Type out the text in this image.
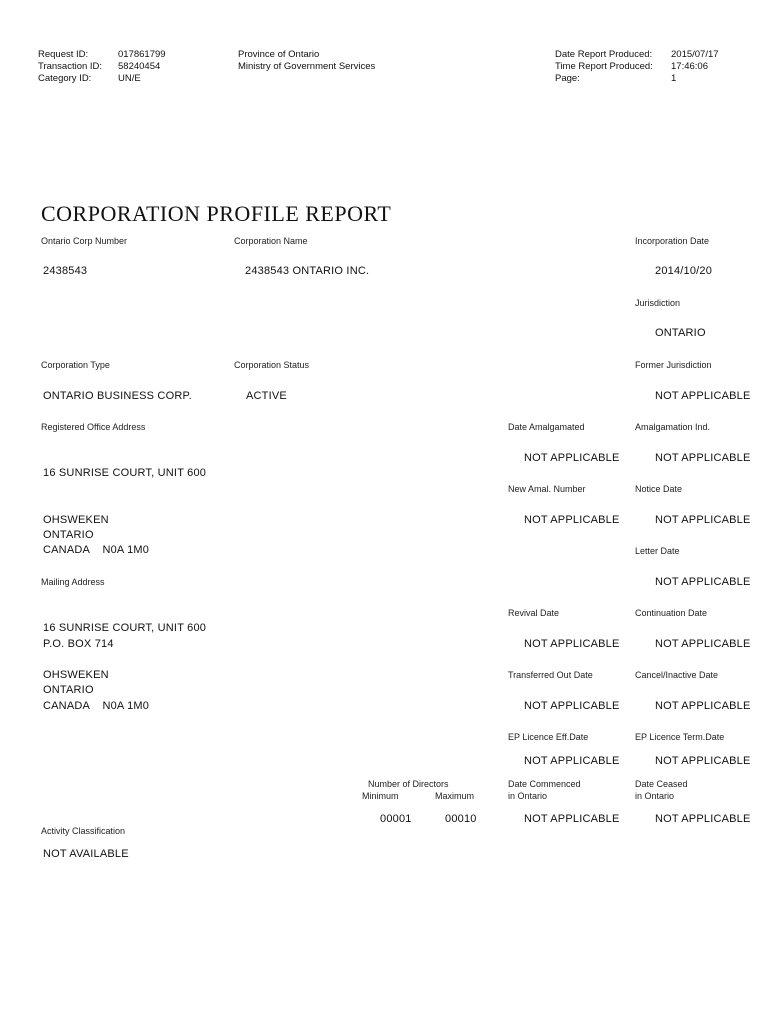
Request ID:	017861799
Transaction ID: 58240454
Category ID:	UN/E
Province of Ontario
Ministry of Government Services
Date Report Produced: 2015/07/17
Time Report Produced: 17:46:06
Page:	1
CORPORATION PROFILE REPORT
Ontario Corp Number
2438543
Corporation Name
2438543 ONTARIO INC.
Incorporation Date
2014/10/20
Jurisdiction
ONTARIO
Corporation Type
ONTARIO BUSINESS CORP.
Corporation Status
ACTIVE
Former Jurisdiction
NOT APPLICABLE
Registered Office Address
16 SUNRISE COURT, UNIT 600
OHSWEKEN
ONTARIO
CANADA    N0A 1M0
Date Amalgamated
NOT APPLICABLE
Amalgamation Ind.
NOT APPLICABLE
New Amal. Number
NOT APPLICABLE
Notice Date
NOT APPLICABLE
Letter Date
NOT APPLICABLE
Mailing Address
16 SUNRISE COURT, UNIT 600
P.O. BOX 714
OHSWEKEN
ONTARIO
CANADA    N0A 1M0
Revival Date
NOT APPLICABLE
Continuation Date
NOT APPLICABLE
Transferred Out Date
NOT APPLICABLE
Cancel/Inactive Date
NOT APPLICABLE
EP Licence Eff.Date
NOT APPLICABLE
EP Licence Term.Date
NOT APPLICABLE
Number of Directors
Minimum	Maximum
00001	00010
Date Commenced
in Ontario
NOT APPLICABLE
Date Ceased
in Ontario
NOT APPLICABLE
Activity Classification
NOT AVAILABLE
